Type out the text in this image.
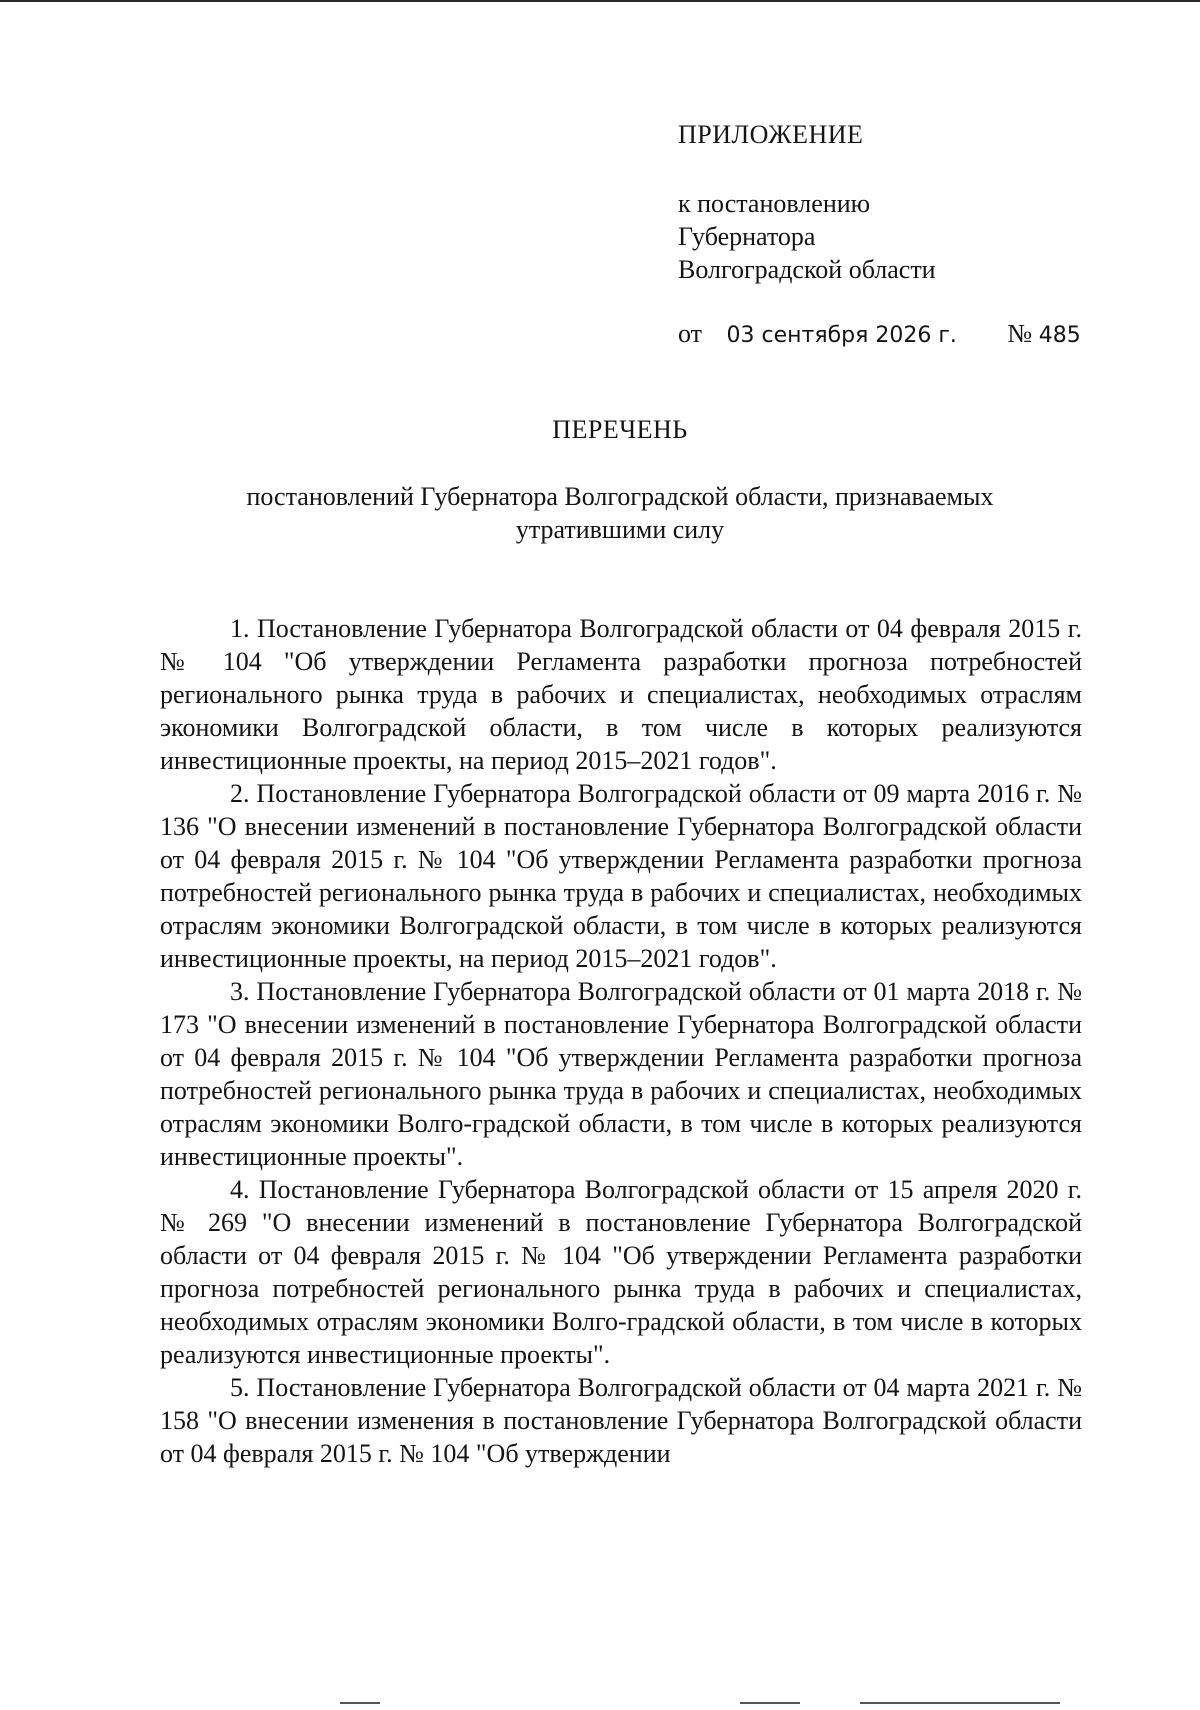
ПРИЛОЖЕНИЕ
к постановлению
Губернатора
Волгоградской области
от 03 сентября 2026 г. № 485
ПЕРЕЧЕНЬ
постановлений Губернатора Волгоградской области, признаваемых
утратившими силу

1. Постановление Губернатора Волгоградской области от 04 февраля 2015 г. № 104 "Об утверждении Регламента разработки прогноза потребностей регионального рынка труда в рабочих и специалистах, необходимых отраслям экономики Волгоградской области, в том числе в которых реализуются инвестиционные проекты, на период 2015–2021 годов".

2. Постановление Губернатора Волгоградской области от 09 марта 2016 г. № 136 "О внесении изменений в постановление Губернатора Волгоградской области от 04 февраля 2015 г. № 104 "Об утверждении Регламента разработки прогноза потребностей регионального рынка труда в рабочих и специалистах, необходимых отраслям экономики Волгоградской области, в том числе в которых реализуются инвестиционные проекты, на период 2015–2021 годов".

3. Постановление Губернатора Волгоградской области от 01 марта 2018 г. № 173 "О внесении изменений в постановление Губернатора Волгоградской области от 04 февраля 2015 г. № 104 "Об утверждении Регламента разработки прогноза потребностей регионального рынка труда в рабочих и специалистах, необходимых отраслям экономики Волго-градской области, в том числе в которых реализуются инвестиционные проекты".

4. Постановление Губернатора Волгоградской области от 15 апреля 2020 г. № 269 "О внесении изменений в постановление Губернатора Волгоградской области от 04 февраля 2015 г. № 104 "Об утверждении Регламента разработки прогноза потребностей регионального рынка труда в рабочих и специалистах, необходимых отраслям экономики Волго-градской области, в том числе в которых реализуются инвестиционные проекты".

5. Постановление Губернатора Волгоградской области от 04 марта 2021 г. № 158 "О внесении изменения в постановление Губернатора Волгоградской области от 04 февраля 2015 г. № 104 "Об утверждении
